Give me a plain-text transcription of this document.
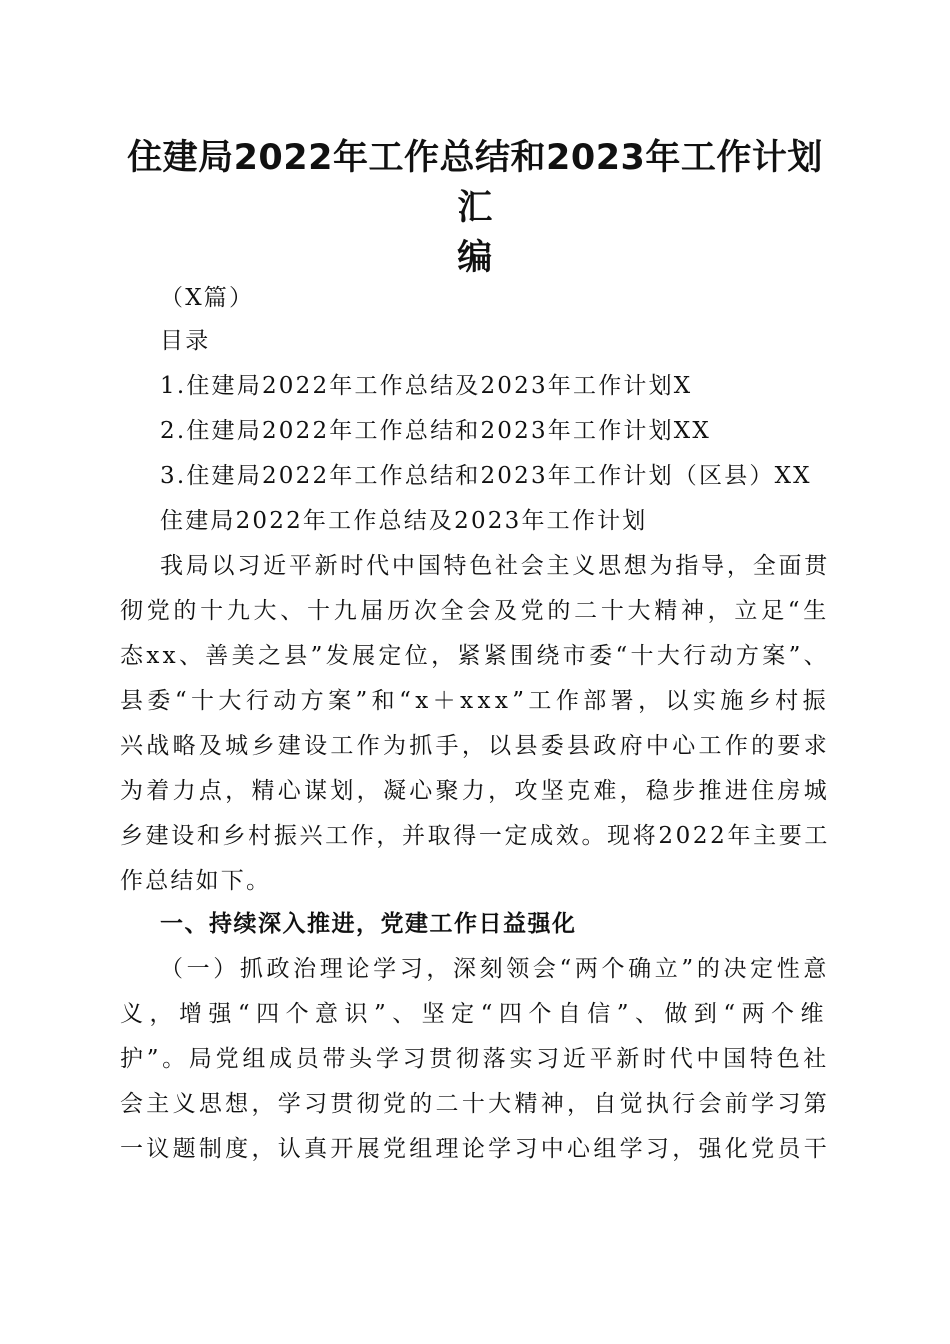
住建局2022年工作总结和2023年工作计划汇
编
（X篇）
目录
1.住建局2022年工作总结及2023年工作计划X
2.住建局2022年工作总结和2023年工作计划XX
3.住建局2022年工作总结和2023年工作计划（区县）XX
住建局2022年工作总结及2023年工作计划
我局以习近平新时代中国特色社会主义思想为指导，全面贯
彻党的十九大、十九届历次全会及党的二十大精神，立足“生
态xx、善美之县”发展定位，紧紧围绕市委“十大行动方案”、
县委“十大行动方案”和“x＋xxx”工作部署，以实施乡村振
兴战略及城乡建设工作为抓手，以县委县政府中心工作的要求
为着力点，精心谋划，凝心聚力，攻坚克难，稳步推进住房城
乡建设和乡村振兴工作，并取得一定成效。现将2022年主要工
作总结如下。
一、持续深入推进，党建工作日益强化
（一）抓政治理论学习，深刻领会“两个确立”的决定性意
义，增强“四个意识”、坚定“四个自信”、做到“两个维
护”。局党组成员带头学习贯彻落实习近平新时代中国特色社
会主义思想，学习贯彻党的二十大精神，自觉执行会前学习第
一议题制度，认真开展党组理论学习中心组学习，强化党员干
